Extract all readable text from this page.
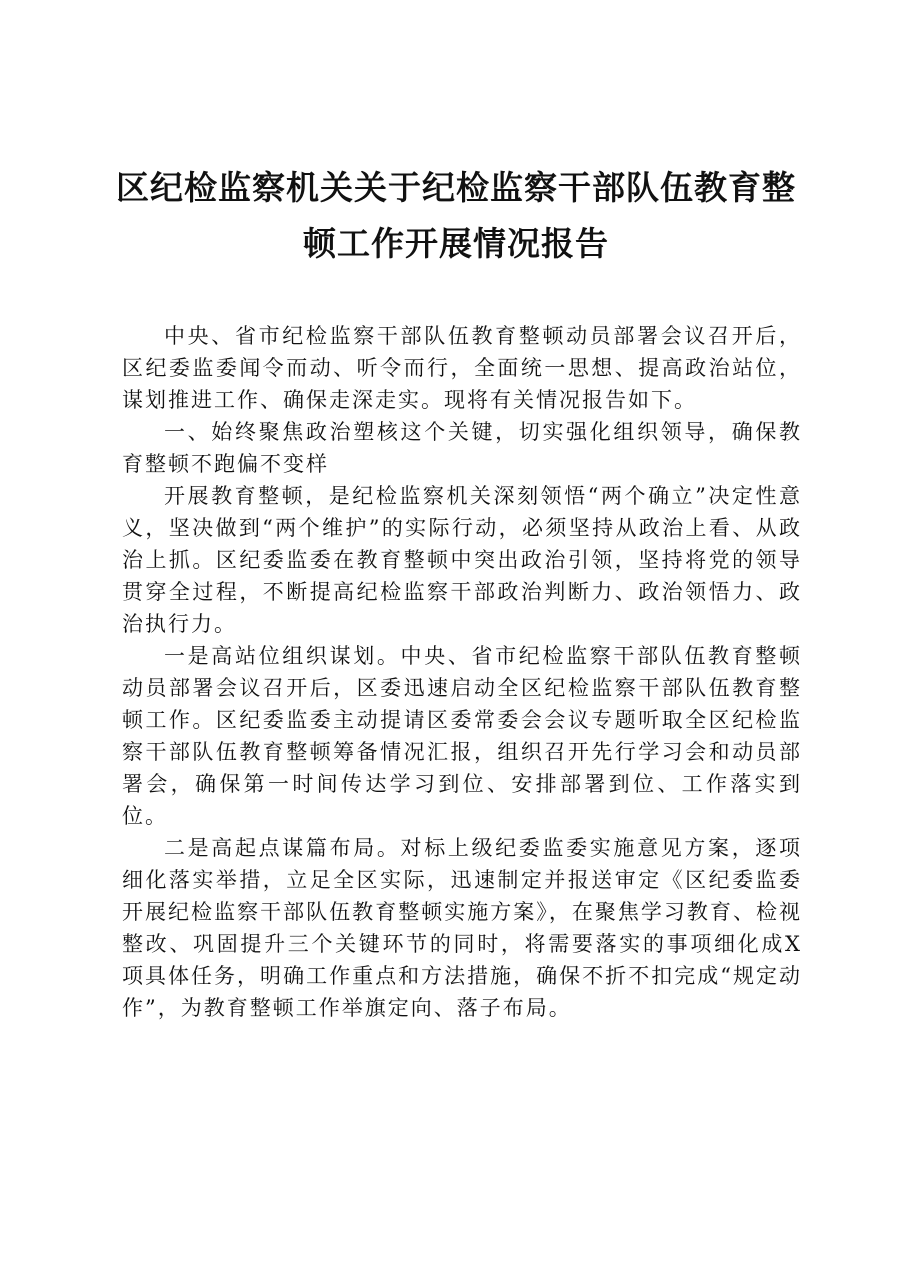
区纪检监察机关关于纪检监察干部队伍教育整
顿工作开展情况报告

中央、省市纪检监察干部队伍教育整顿动员部署会议召开后，区纪委监委闻令而动、听令而行，全面统一思想、提高政治站位，谋划推进工作、确保走深走实。现将有关情况报告如下。

一、始终聚焦政治塑核这个关键，切实强化组织领导，确保教育整顿不跑偏不变样

开展教育整顿，是纪检监察机关深刻领悟“两个确立”决定性意义，坚决做到“两个维护”的实际行动，必须坚持从政治上看、从政治上抓。区纪委监委在教育整顿中突出政治引领，坚持将党的领导贯穿全过程，不断提高纪检监察干部政治判断力、政治领悟力、政治执行力。

一是高站位组织谋划。中央、省市纪检监察干部队伍教育整顿动员部署会议召开后，区委迅速启动全区纪检监察干部队伍教育整顿工作。区纪委监委主动提请区委常委会会议专题听取全区纪检监察干部队伍教育整顿筹备情况汇报，组织召开先行学习会和动员部署会，确保第一时间传达学习到位、安排部署到位、工作落实到位。

二是高起点谋篇布局。对标上级纪委监委实施意见方案，逐项细化落实举措，立足全区实际，迅速制定并报送审定《区纪委监委开展纪检监察干部队伍教育整顿实施方案》，在聚焦学习教育、检视整改、巩固提升三个关键环节的同时，将需要落实的事项细化成X项具体任务，明确工作重点和方法措施，确保不折不扣完成“规定动作”，为教育整顿工作举旗定向、落子布局。
